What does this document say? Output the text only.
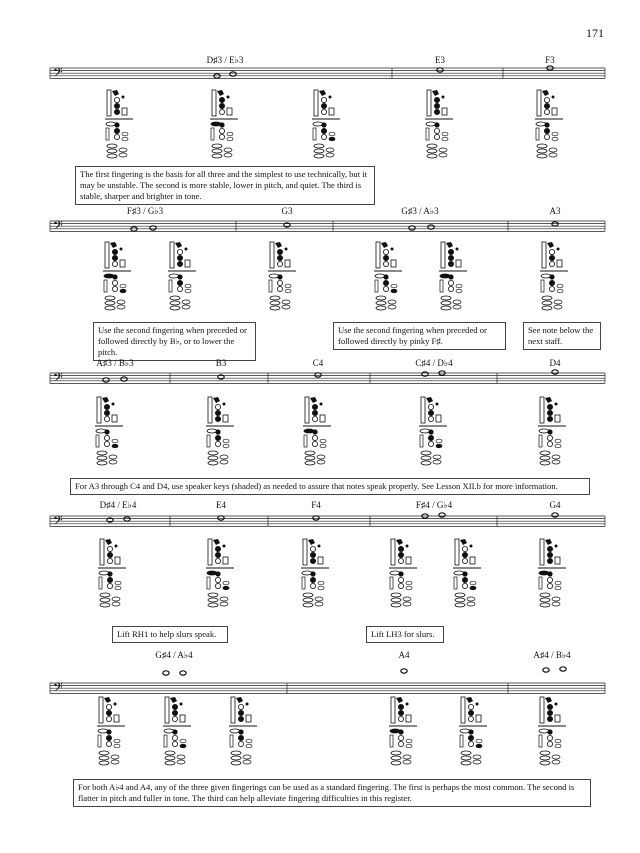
171
𝄢
𝄢
𝄢
𝄢
𝄢
D♯3 / E♭3	E3	F3
The first fingering is the basis for all three and the simplest to use technically, but it may be unstable. The second is more stable, lower in pitch, and quiet. The third is stable, sharper and brighter in tone.
F♯3 / G♭3	G3	G♯3 / A♭3	A3
Use the second fingering when preceded or followed directly by B♭, or to lower the pitch.
Use the second fingering when preceded or followed directly by pinky F♯.
See note below the next staff.
A♯3 / B♭3	B3	C4	C♯4 / D♭4	D4
For A3 through C4 and D4, use speaker keys (shaded) as needed to assure that notes speak properly. See Lesson XII.b for more information.
D♯4 / E♭4	E4	F4	F♯4 / G♭4	G4
Lift RH1 to help slurs speak.	Lift LH3 for slurs.
G♯4 / A♭4	A4	A♯4 / B♭4
For both A♭4 and A4, any of the three given fingerings can be used as a standard fingering. The first is perhaps the most common. The second is flatter in pitch and fuller in tone. The third can help alleviate fingering difficulties in this register.
